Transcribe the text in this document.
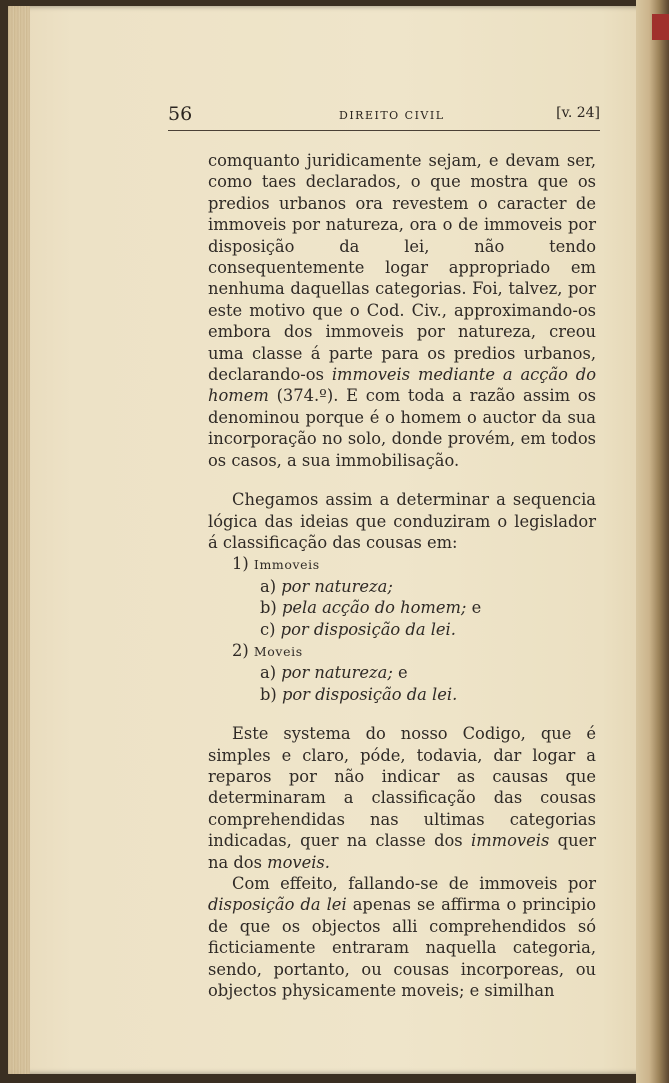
56	DIREITO CIVIL	[v. 24]

comquanto juridicamente sejam, e devam ser, como taes declarados, o que mostra que os predios urbanos ora revestem o caracter de immoveis por natureza, ora o de immoveis por disposição da lei, não tendo consequentemente logar appropriado em nenhuma daquellas categorias. Foi, talvez, por este motivo que o Cod. Civ., approximando-os embora dos immoveis por natureza, creou uma classe á parte para os predios urbanos, declarando-os immoveis mediante a acção do homem (374.º). E com toda a razão assim os denominou porque é o homem o auctor da sua incorporação no solo, donde provém, em todos os casos, a sua immobilisação.

Chegamos assim a determinar a sequencia lógica das ideias que conduziram o legislador á classificação das cousas em:

1) Immoveis

a) por natureza;

b) pela acção do homem; e

c) por disposição da lei.

2) Moveis

a) por natureza; e

b) por disposição da lei.

Este systema do nosso Codigo, que é simples e claro, póde, todavia, dar logar a reparos por não indicar as causas que determinaram a classificação das cousas comprehendidas nas ultimas categorias indicadas, quer na classe dos immoveis quer na dos moveis.

Com effeito, fallando-se de immoveis por disposição da lei apenas se affirma o principio de que os objectos alli comprehendidos só ficticiamente entraram naquella categoria, sendo, portanto, ou cousas incorporeas, ou objectos physicamente moveis; e similhan
